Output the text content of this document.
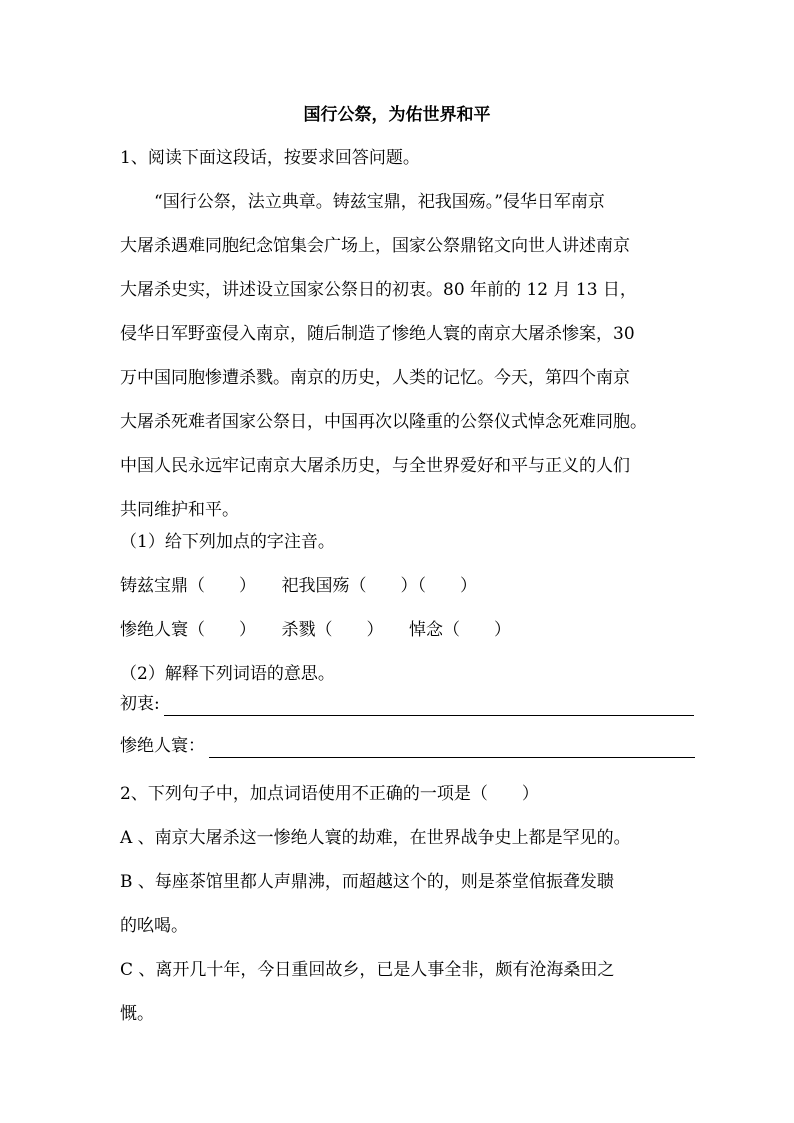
国行公祭，为佑世界和平
1、阅读下面这段话，按要求回答问题。
“国行公祭，法立典章。铸兹宝鼎，祀我国殇。”侵华日军南京
大屠杀遇难同胞纪念馆集会广场上，国家公祭鼎铭文向世人讲述南京
大屠杀史实，讲述设立国家公祭日的初衷。80 年前的 12 月 13 日，
侵华日军野蛮侵入南京，随后制造了惨绝人寰的南京大屠杀惨案，30
万中国同胞惨遭杀戮。南京的历史，人类的记忆。今天，第四个南京
大屠杀死难者国家公祭日，中国再次以隆重的公祭仪式悼念死难同胞。
中国人民永远牢记南京大屠杀历史，与全世界爱好和平与正义的人们
共同维护和平。
（1）给下列加点的字注音。
铸兹宝鼎（　　）　　祀我国殇（　　）（　　）
惨绝人寰（　　）　　杀戮（　　）　　悼念（　　）
（2）解释下列词语的意思。
初衷:
惨绝人寰：
2、下列句子中，加点词语使用不正确的一项是（　　）
A 、南京大屠杀这一惨绝人寰的劫难，在世界战争史上都是罕见的。
B 、每座茶馆里都人声鼎沸，而超越这个的，则是茶堂倌振聋发聩
的吆喝。
C 、离开几十年，今日重回故乡，已是人事全非，颇有沧海桑田之
慨。
